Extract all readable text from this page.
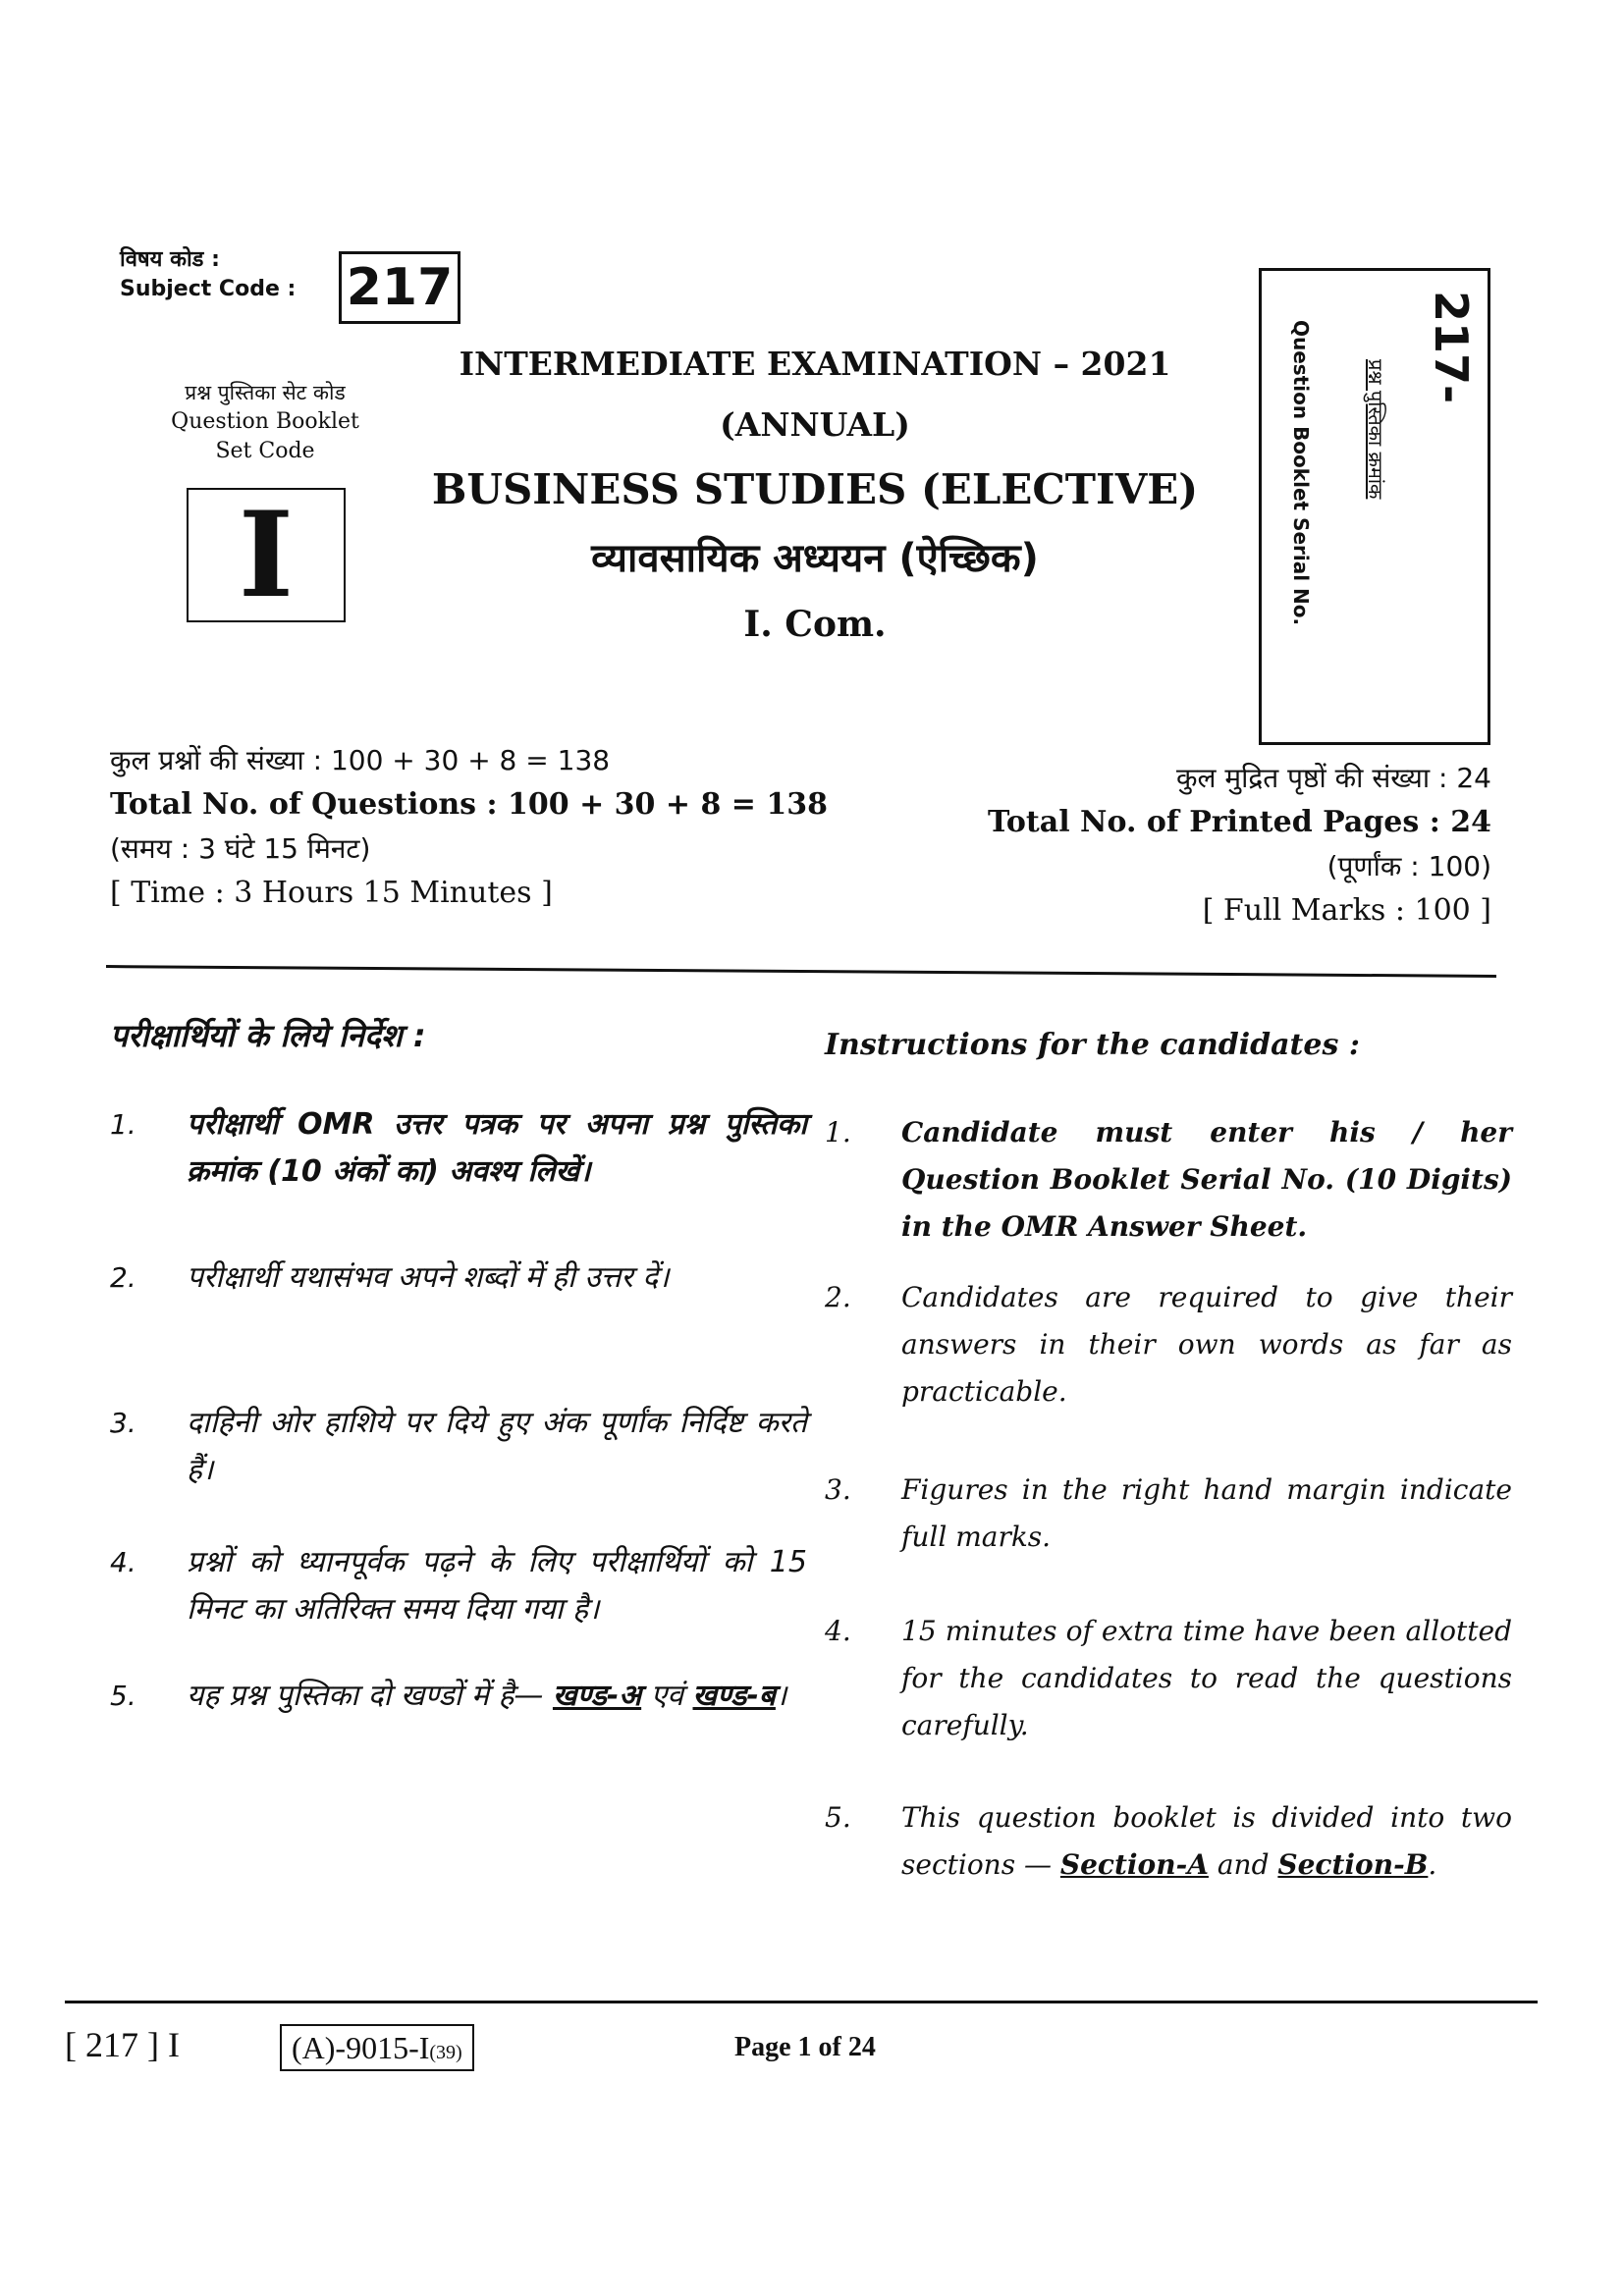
विषय कोड :
Subject Code : 217
प्रश्न पुस्तिका सेट कोड
Question Booklet
Set Code
I
INTERMEDIATE EXAMINATION – 2021
(ANNUAL)
BUSINESS STUDIES (ELECTIVE)
व्यावसायिक अध्ययन (ऐच्छिक)
I. Com.
217-
प्रश्न पुस्तिका क्रमांक
Question Booklet Serial No.
कुल प्रश्नों की संख्या : 100 + 30 + 8 = 138
Total No. of Questions : 100 + 30 + 8 = 138
(समय : 3 घंटे 15 मिनट)
[ Time : 3 Hours 15 Minutes ]
कुल मुद्रित पृष्ठों की संख्या : 24
Total No. of Printed Pages : 24
(पूर्णांक : 100)
[ Full Marks : 100 ]
परीक्षार्थियों के लिये निर्देश :
1.	परीक्षार्थी OMR उत्तर पत्रक पर अपना प्रश्न पुस्तिका क्रमांक (10 अंकों का) अवश्य लिखें।
2.	परीक्षार्थी यथासंभव अपने शब्दों में ही उत्तर दें।
3.	दाहिनी ओर हाशिये पर दिये हुए अंक पूर्णांक निर्दिष्ट करते हैं।
4.	प्रश्नों को ध्यानपूर्वक पढ़ने के लिए परीक्षार्थियों को 15 मिनट का अतिरिक्त समय दिया गया है।
5.	यह प्रश्न पुस्तिका दो खण्डों में है— खण्ड-अ एवं खण्ड-ब।
Instructions for the candidates :
1.	Candidate must enter his / her Question Booklet Serial No. (10 Digits) in the OMR Answer Sheet.
2.	Candidates are required to give their answers in their own words as far as practicable.
3.	Figures in the right hand margin indicate full marks.
4.	15 minutes of extra time have been allotted for the candidates to read the questions carefully.
5.	This question booklet is divided into two sections — Section-A and Section-B.
[ 217 ] I	(A)-9015-I(39)	Page 1 of 24
